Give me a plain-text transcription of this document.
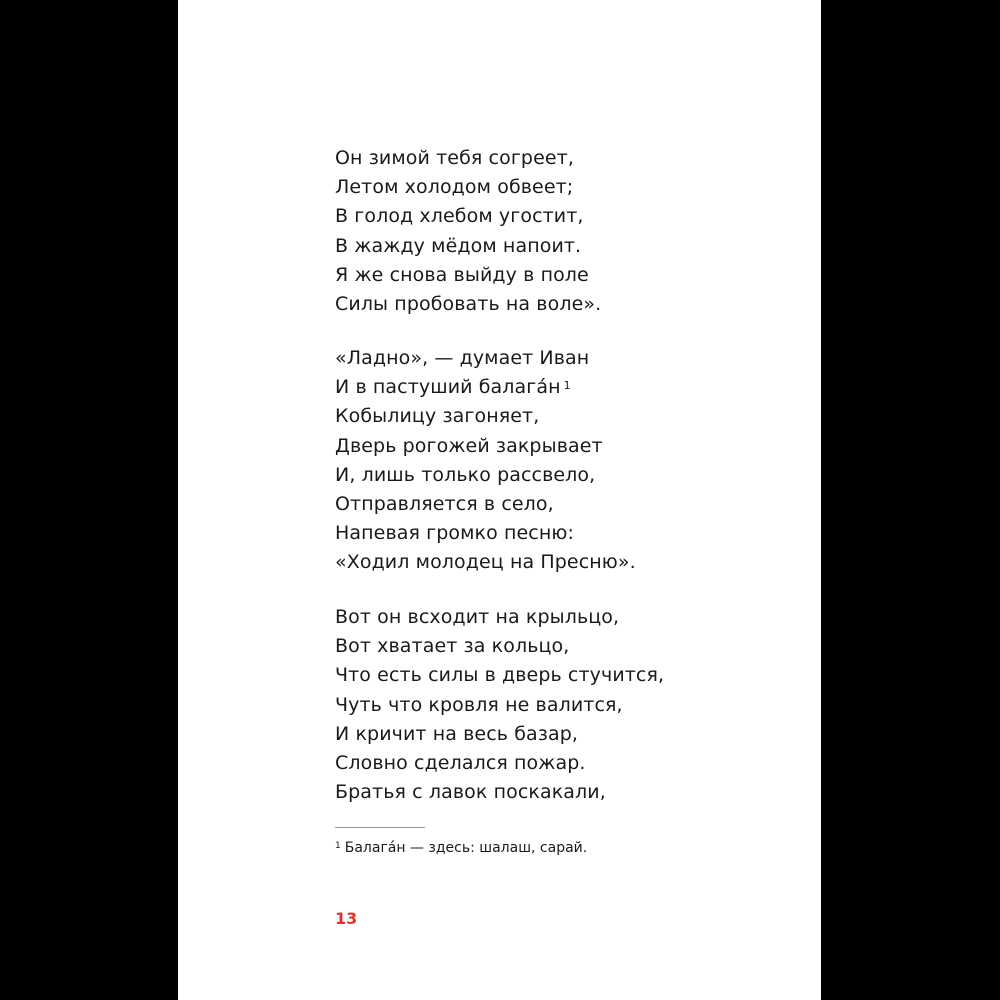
Он зимой тебя согреет,
Летом холодом обвеет;
В голод хлебом угостит,
В жажду мёдом напоит.
Я же снова выйду в поле
Силы пробовать на воле».
«Ладно», — думает Иван
И в пастуший балага́н $^1$
Кобылицу загоняет,
Дверь рогожей закрывает
И, лишь только рассвело,
Отправляется в село,
Напевая громко песню:
«Ходил молодец на Пресню».
Вот он всходит на крыльцо,
Вот хватает за кольцо,
Что есть силы в дверь стучится,
Чуть что кровля не валится,
И кричит на весь базар,
Словно сделался пожар.
Братья с лавок поскакали,
$^1$ Балага́н — здесь: шалаш, сарай.
13
